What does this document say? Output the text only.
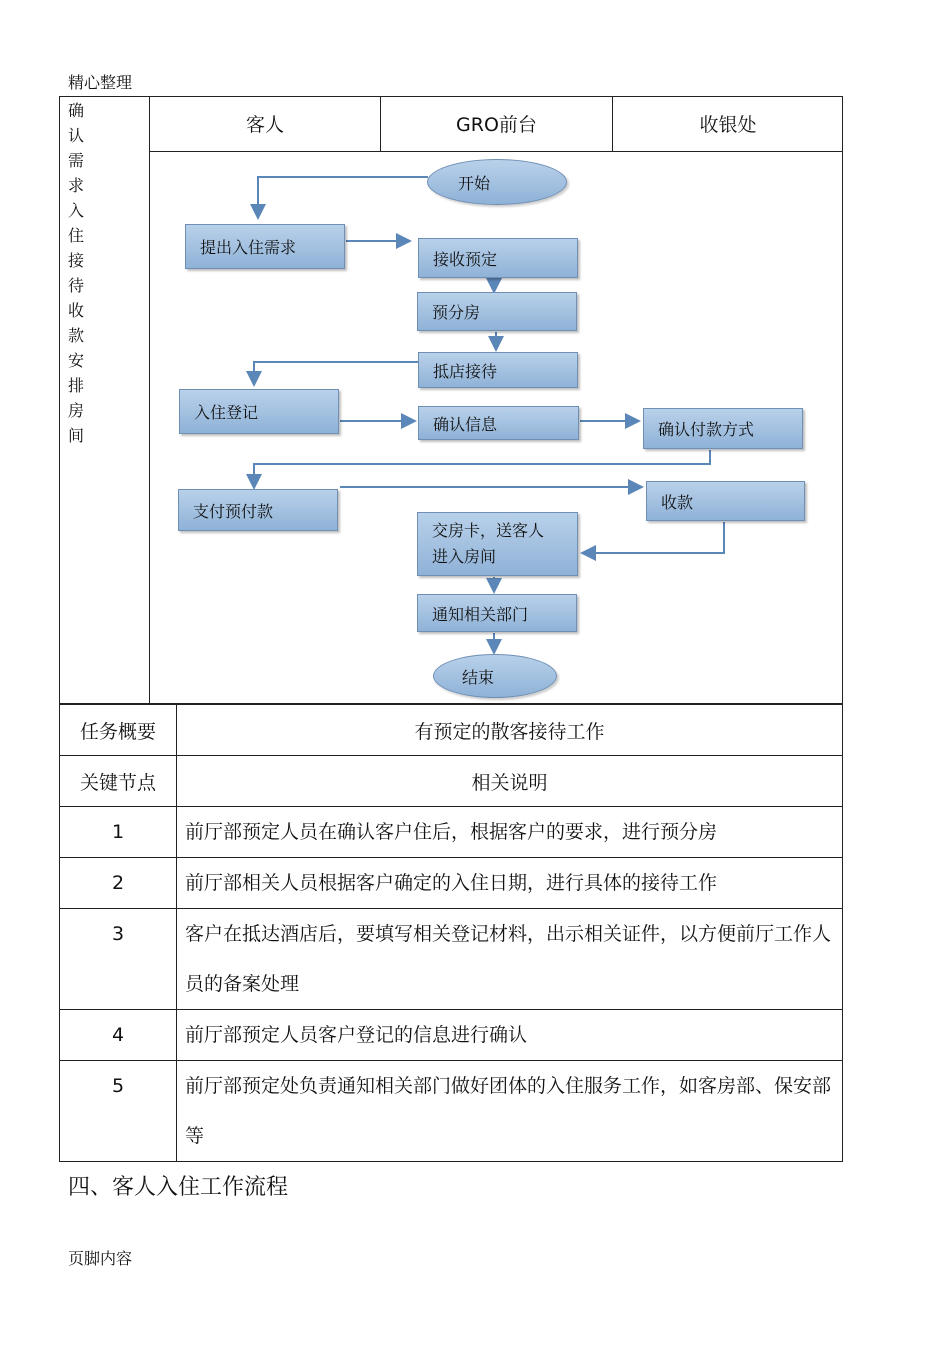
精心整理
确
认
需
求
入
住
接
待
收
款
安
排
房
间
客人	GRO前台	收银处
开始
提出入住需求
接收预定
预分房
抵店接待
入住登记
确认信息	确认付款方式
支付预付款	收款
交房卡，送客人
进入房间
通知相关部门
结束
任务概要	有预定的散客接待工作
关键节点	相关说明
1	前厅部预定人员在确认客户住后，根据客户的要求，进行预分房
2	前厅部相关人员根据客户确定的入住日期，进行具体的接待工作
3	客户在抵达酒店后，要填写相关登记材料，出示相关证件，以方便前厅工作人员的备案处理
4	前厅部预定人员客户登记的信息进行确认
5	前厅部预定处负责通知相关部门做好团体的入住服务工作，如客房部、保安部等
四、客人入住工作流程
页脚内容
